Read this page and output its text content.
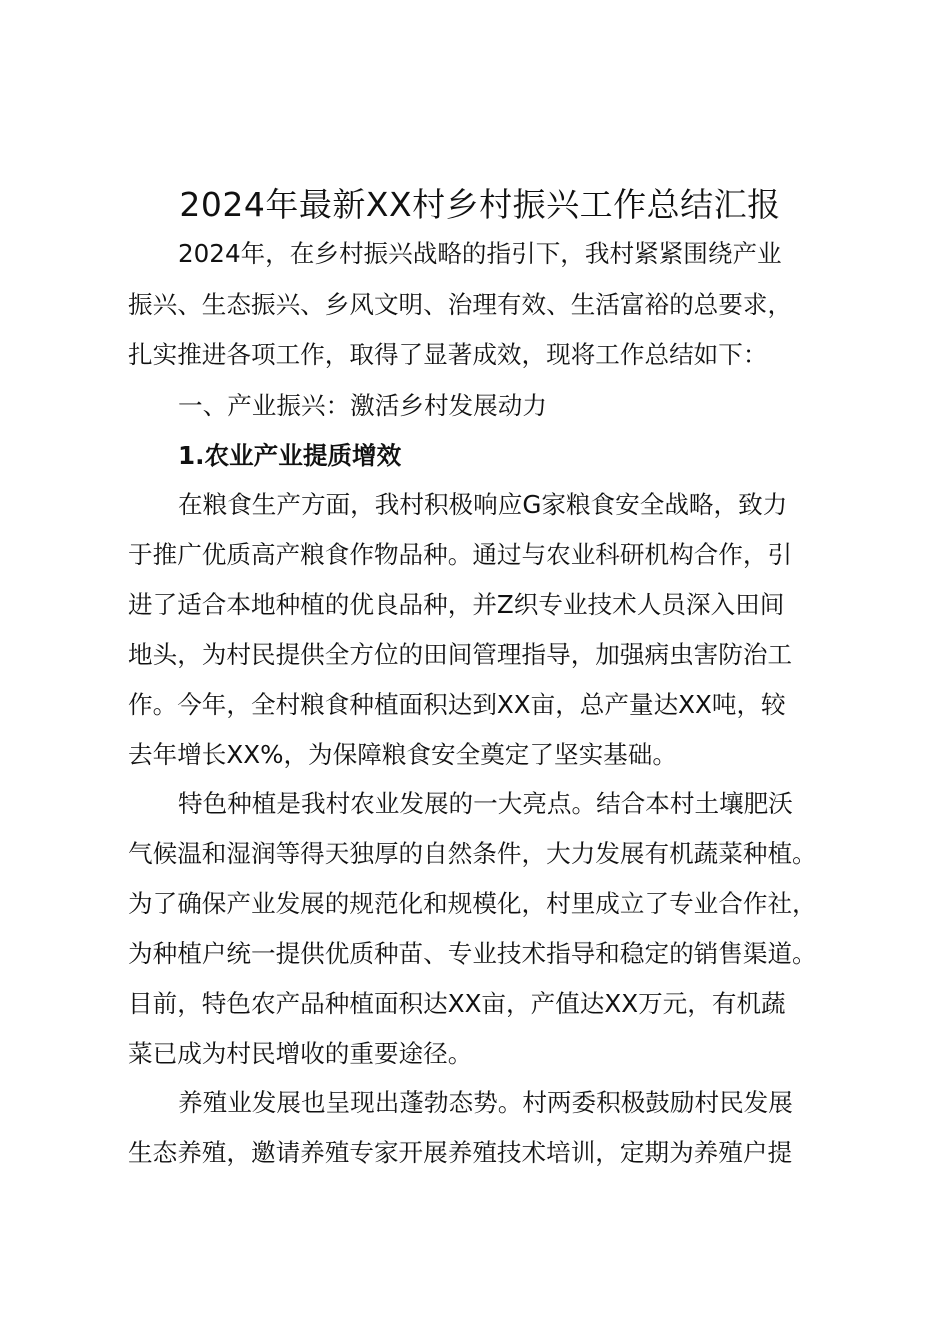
2024年最新XX村乡村振兴工作总结汇报
2024年，在乡村振兴战略的指引下，我村紧紧围绕产业
振兴、生态振兴、乡风文明、治理有效、生活富裕的总要求，
扎实推进各项工作，取得了显著成效，现将工作总结如下：
一、产业振兴：激活乡村发展动力
1.农业产业提质增效
在粮食生产方面，我村积极响应G家粮食安全战略，致力
于推广优质高产粮食作物品种。通过与农业科研机构合作，引
进了适合本地种植的优良品种，并Z织专业技术人员深入田间
地头，为村民提供全方位的田间管理指导，加强病虫害防治工
作。今年，全村粮食种植面积达到XX亩，总产量达XX吨，较
去年增长XX%，为保障粮食安全奠定了坚实基础。
特色种植是我村农业发展的一大亮点。结合本村土壤肥沃
气候温和湿润等得天独厚的自然条件，大力发展有机蔬菜种植。
为了确保产业发展的规范化和规模化，村里成立了专业合作社，
为种植户统一提供优质种苗、专业技术指导和稳定的销售渠道。
目前，特色农产品种植面积达XX亩，产值达XX万元，有机蔬
菜已成为村民增收的重要途径。
养殖业发展也呈现出蓬勃态势。村两委积极鼓励村民发展
生态养殖，邀请养殖专家开展养殖技术培训，定期为养殖户提
